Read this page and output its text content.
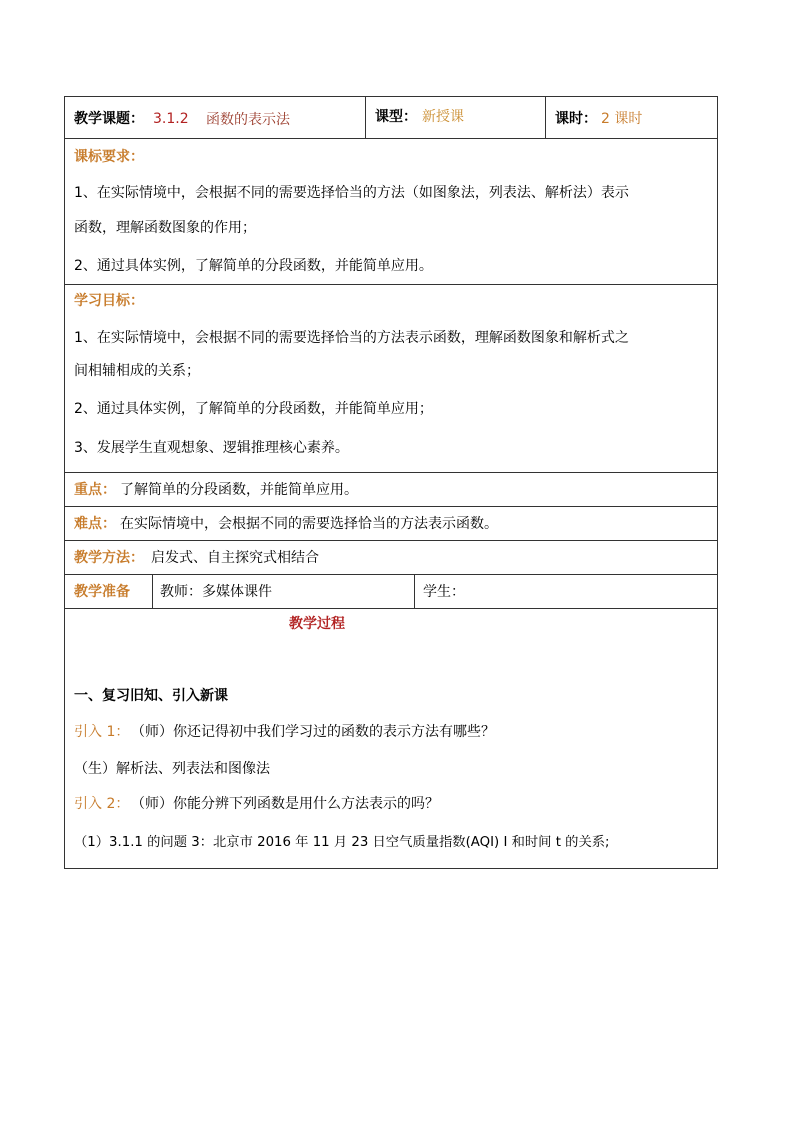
教学课题： 3.1.2 函数的表示法	课型： 新授课	课时： 2 课时
课标要求：
1、在实际情境中，会根据不同的需要选择恰当的方法（如图象法，列表法、解析法）表示
函数，理解函数图象的作用；
2、通过具体实例，了解简单的分段函数，并能简单应用。
学习目标：
1、在实际情境中，会根据不同的需要选择恰当的方法表示函数，理解函数图象和解析式之
间相辅相成的关系；
2、通过具体实例，了解简单的分段函数，并能简单应用；
3、发展学生直观想象、逻辑推理核心素养。
重点： 了解简单的分段函数，并能简单应用。
难点： 在实际情境中，会根据不同的需要选择恰当的方法表示函数。
教学方法： 启发式、自主探究式相结合
教学准备 教师：多媒体课件	学生：
教学过程
一、复习旧知、引入新课
引入 1： （师）你还记得初中我们学习过的函数的表示方法有哪些？
（生）解析法、列表法和图像法
引入 2： （师）你能分辨下列函数是用什么方法表示的吗？
（1）3.1.1 的问题 3：北京市 2016 年 11 月 23 日空气质量指数(AQI) I 和时间 t 的关系;
